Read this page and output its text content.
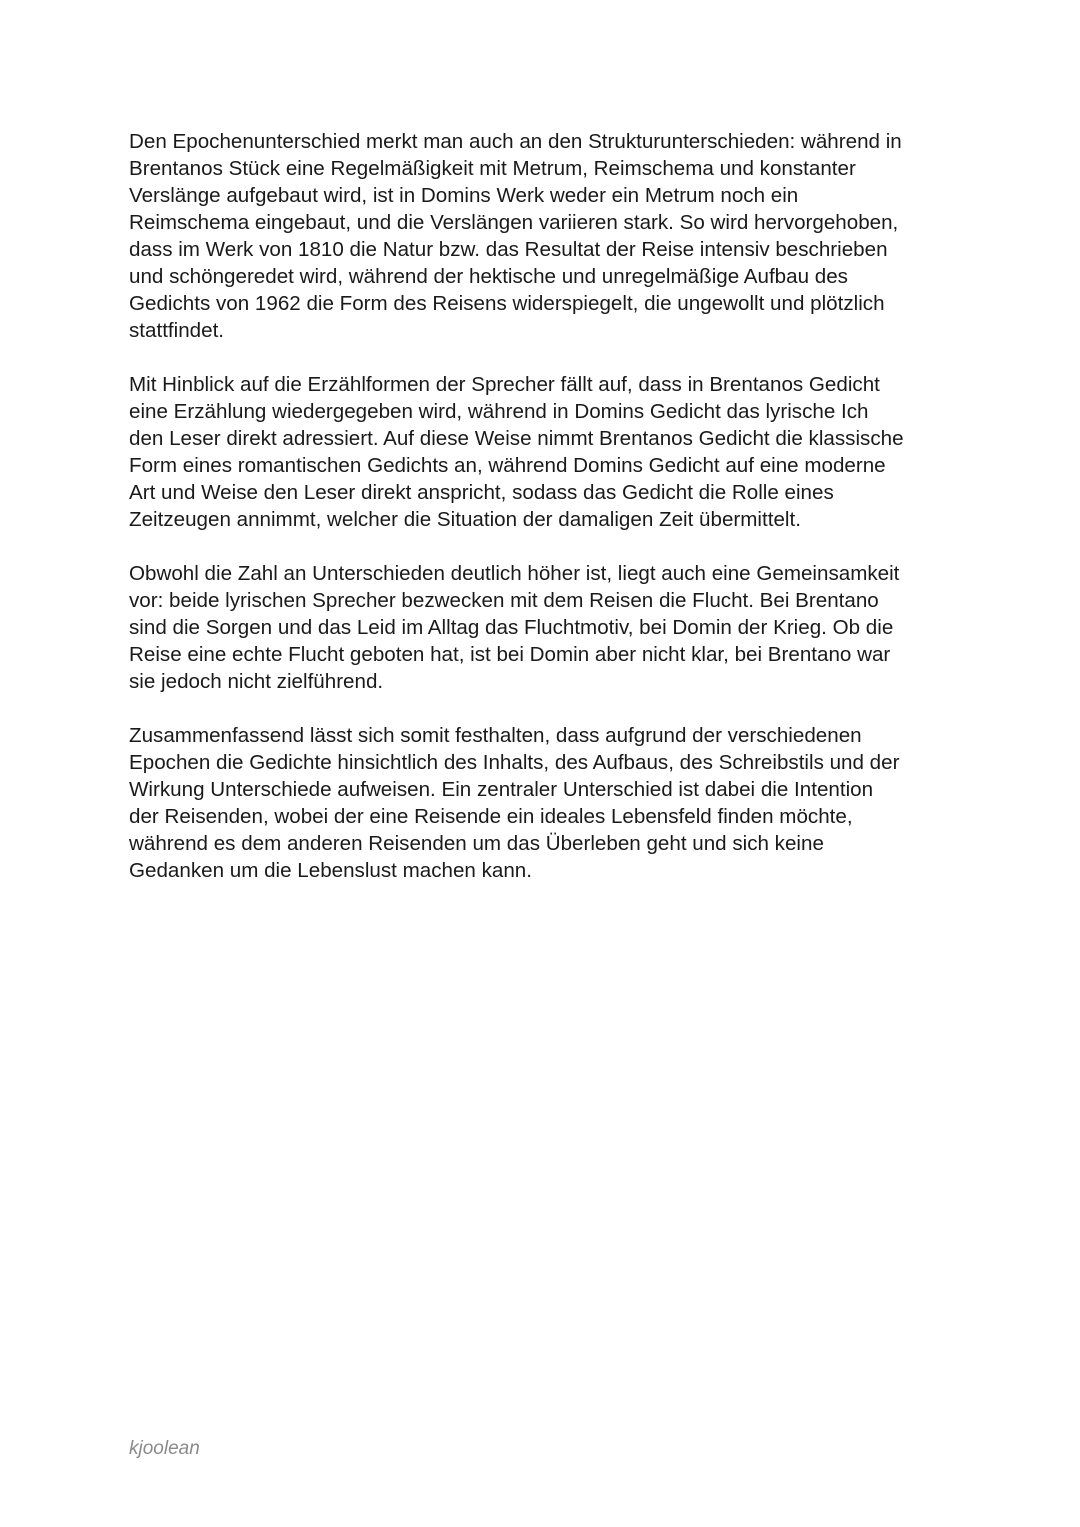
Den Epochenunterschied merkt man auch an den Strukturunterschieden: während in
Brentanos Stück eine Regelmäßigkeit mit Metrum, Reimschema und konstanter
Verslänge aufgebaut wird, ist in Domins Werk weder ein Metrum noch ein
Reimschema eingebaut, und die Verslängen variieren stark. So wird hervorgehoben,
dass im Werk von 1810 die Natur bzw. das Resultat der Reise intensiv beschrieben
und schöngeredet wird, während der hektische und unregelmäßige Aufbau des
Gedichts von 1962 die Form des Reisens widerspiegelt, die ungewollt und plötzlich
stattfindet.

Mit Hinblick auf die Erzählformen der Sprecher fällt auf, dass in Brentanos Gedicht
eine Erzählung wiedergegeben wird, während in Domins Gedicht das lyrische Ich
den Leser direkt adressiert. Auf diese Weise nimmt Brentanos Gedicht die klassische
Form eines romantischen Gedichts an, während Domins Gedicht auf eine moderne
Art und Weise den Leser direkt anspricht, sodass das Gedicht die Rolle eines
Zeitzeugen annimmt, welcher die Situation der damaligen Zeit übermittelt.

Obwohl die Zahl an Unterschieden deutlich höher ist, liegt auch eine Gemeinsamkeit
vor: beide lyrischen Sprecher bezwecken mit dem Reisen die Flucht. Bei Brentano
sind die Sorgen und das Leid im Alltag das Fluchtmotiv, bei Domin der Krieg. Ob die
Reise eine echte Flucht geboten hat, ist bei Domin aber nicht klar, bei Brentano war
sie jedoch nicht zielführend.

Zusammenfassend lässt sich somit festhalten, dass aufgrund der verschiedenen
Epochen die Gedichte hinsichtlich des Inhalts, des Aufbaus, des Schreibstils und der
Wirkung Unterschiede aufweisen. Ein zentraler Unterschied ist dabei die Intention
der Reisenden, wobei der eine Reisende ein ideales Lebensfeld finden möchte,
während es dem anderen Reisenden um das Überleben geht und sich keine
Gedanken um die Lebenslust machen kann.

kjoolean
